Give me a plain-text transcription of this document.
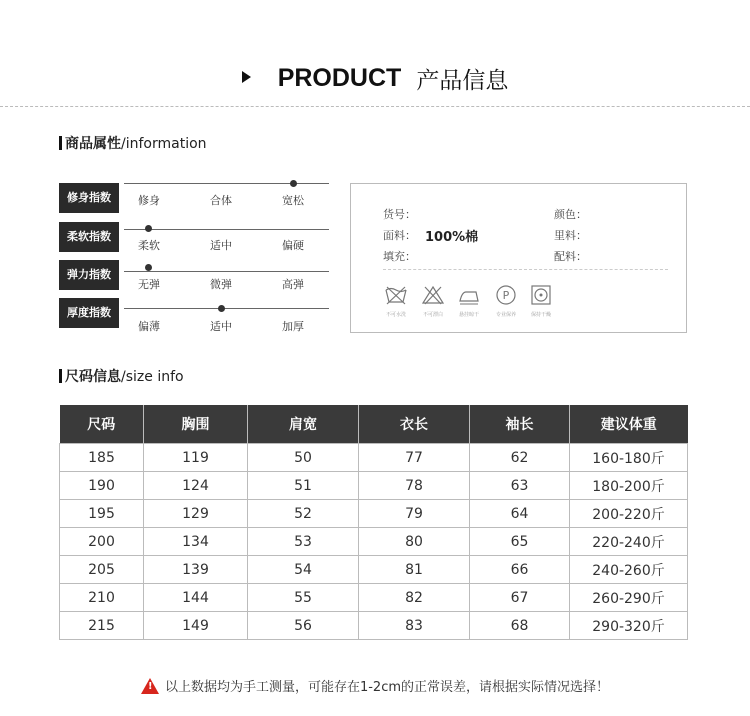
PRODUCT 产品信息
商品属性/information
修身指数	修身	合体	宽松
柔软指数
柔软	适中	偏硬
弹力指数
无弹	微弹	高弹
厚度指数
偏薄	适中	加厚
货号：
面料： 100%棉
填充：
颜色：
里料：
配料：
P
不可水洗	不可漂白	悬挂晾干	专业保养	保持干燥
尺码信息/size info
尺码	胸围	肩宽	衣长	袖长	建议体重
185	119	50	77	62	160-180斤
190	124	51	78	63	180-200斤
195	129	52	79	64	200-220斤
200	134	53	80	65	220-240斤
205	139	54	81	66	240-260斤
210	144	55	82	67	260-290斤
215	149	56	83	68	290-320斤
! 以上数据均为手工测量，可能存在1-2cm的正常误差，请根据实际情况选择！
